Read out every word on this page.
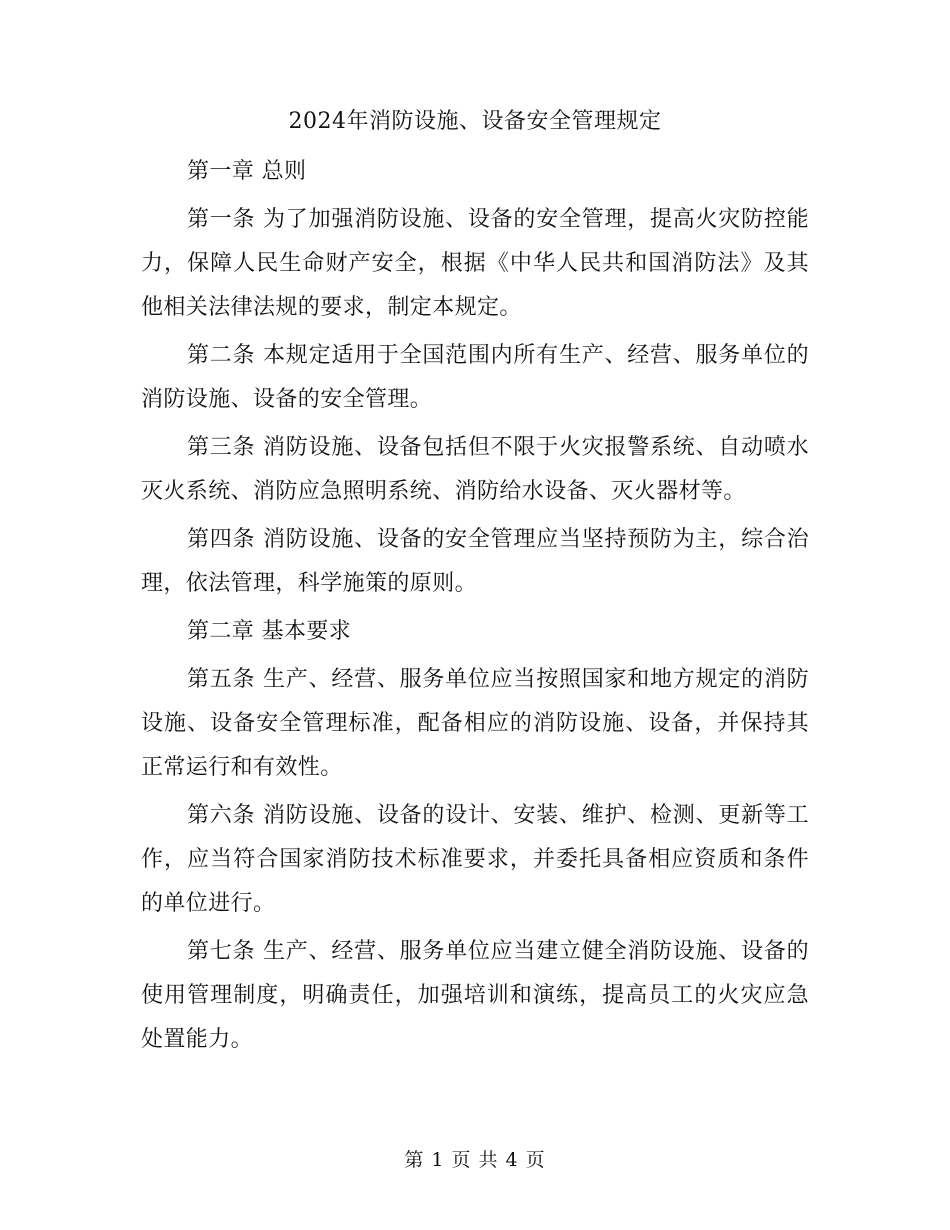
2024年消防设施、设备安全管理规定

第一章 总则

第一条 为了加强消防设施、设备的安全管理，提高火灾防控能力，保障人民生命财产安全，根据《中华人民共和国消防法》及其他相关法律法规的要求，制定本规定。

第二条 本规定适用于全国范围内所有生产、经营、服务单位的消防设施、设备的安全管理。

第三条 消防设施、设备包括但不限于火灾报警系统、自动喷水灭火系统、消防应急照明系统、消防给水设备、灭火器材等。

第四条 消防设施、设备的安全管理应当坚持预防为主，综合治理，依法管理，科学施策的原则。

第二章 基本要求

第五条 生产、经营、服务单位应当按照国家和地方规定的消防设施、设备安全管理标准，配备相应的消防设施、设备，并保持其正常运行和有效性。

第六条 消防设施、设备的设计、安装、维护、检测、更新等工作，应当符合国家消防技术标准要求，并委托具备相应资质和条件的单位进行。

第七条 生产、经营、服务单位应当建立健全消防设施、设备的使用管理制度，明确责任，加强培训和演练，提高员工的火灾应急处置能力。

第 1 页 共 4 页
